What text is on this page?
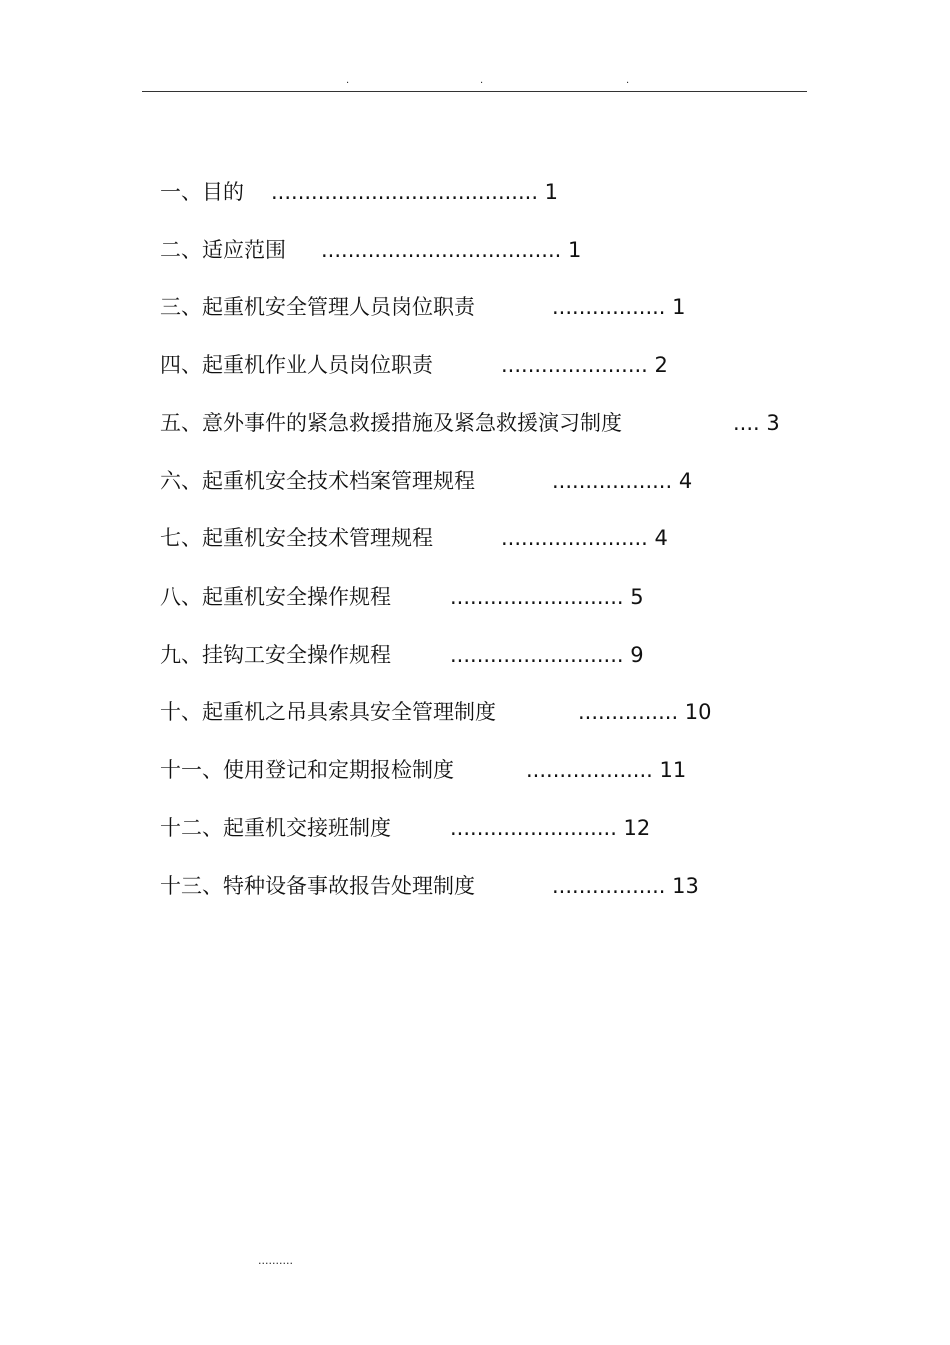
.	.	.
一、目的 ........................................ 1
二、适应范围 .................................... 1
三、起重机安全管理人员岗位职责	................. 1
四、起重机作业人员岗位职责	...................... 2
五、意外事件的紧急救援措施及紧急救援演习制度	.... 3
六、起重机安全技术档案管理规程	.................. 4
七、起重机安全技术管理规程	...................... 4
八、起重机安全操作规程	.......................... 5
九、挂钩工安全操作规程	.......................... 9
十、起重机之吊具索具安全管理制度	............... 10
十一、使用登记和定期报检制度	................... 11
十二、起重机交接班制度	......................... 12
十三、特种设备事故报告处理制度	................. 13
..........
